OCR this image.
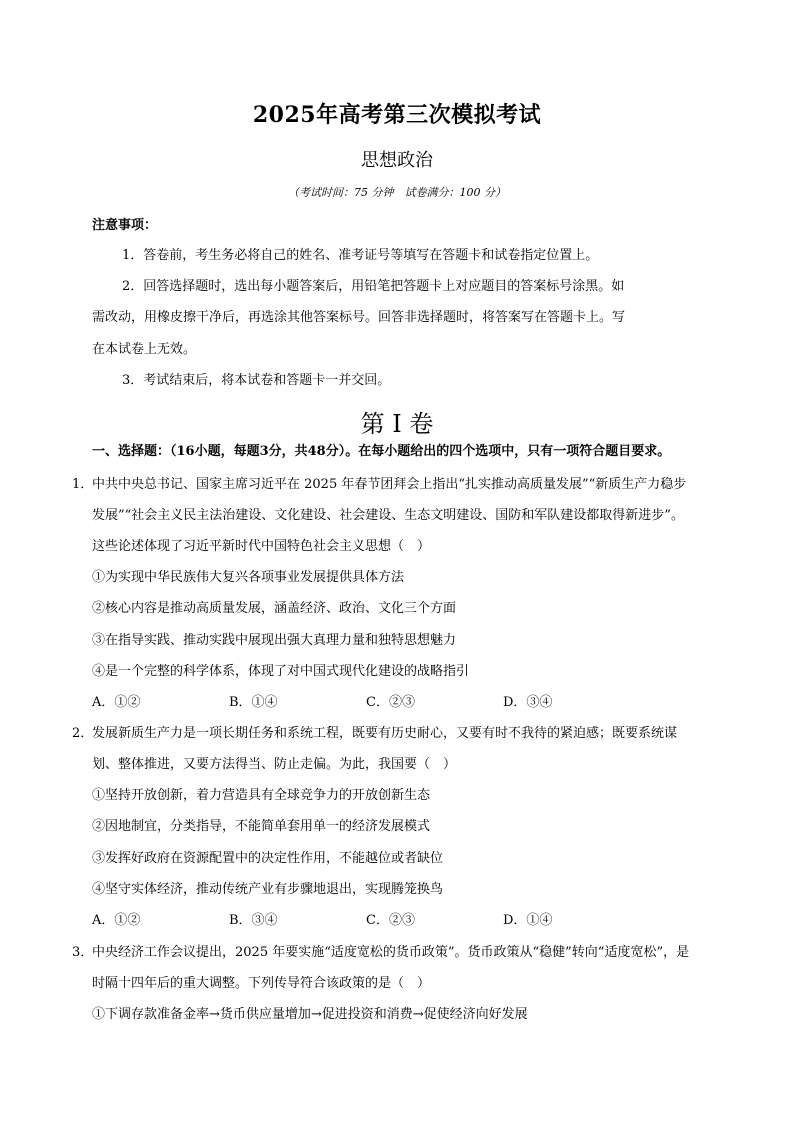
2025年高考第三次模拟考试
思想政治
（考试时间：75 分钟　试卷满分：100 分）
注意事项：
1．答卷前，考生务必将自己的姓名、准考证号等填写在答题卡和试卷指定位置上。
2．回答选择题时，选出每小题答案后，用铅笔把答题卡上对应题目的答案标号涂黑。如
需改动，用橡皮擦干净后，再选涂其他答案标号。回答非选择题时，将答案写在答题卡上。写
在本试卷上无效。
3．考试结束后，将本试卷和答题卡一并交回。
第 I 卷
一、选择题：（16小题，每题3分，共48分）。在每小题给出的四个选项中，只有一项符合题目要求。
1．
中共中央总书记、国家主席习近平在 2025 年春节团拜会上指出“扎实推动高质量发展”“新质生产力稳步
发展”“社会主义民主法治建设、文化建设、社会建设、生态文明建设、国防和军队建设都取得新进步”。
这些论述体现了习近平新时代中国特色社会主义思想（　）
①为实现中华民族伟大复兴各项事业发展提供具体方法
②核心内容是推动高质量发展，涵盖经济、政治、文化三个方面
③在指导实践、推动实践中展现出强大真理力量和独特思想魅力
④是一个完整的科学体系，体现了对中国式现代化建设的战略指引
A．①②	B．①④	C．②③	D．③④
2．
发展新质生产力是一项长期任务和系统工程，既要有历史耐心，又要有时不我待的紧迫感；既要系统谋
划、整体推进，又要方法得当、防止走偏。为此，我国要（　）
①坚持开放创新，着力营造具有全球竞争力的开放创新生态
②因地制宜，分类指导，不能简单套用单一的经济发展模式
③发挥好政府在资源配置中的决定性作用，不能越位或者缺位
④坚守实体经济，推动传统产业有步骤地退出，实现腾笼换鸟
A．①②	B．③④	C．②③	D．①④
3．
中央经济工作会议提出，2025 年要实施“适度宽松的货币政策”。货币政策从“稳健”转向“适度宽松”，是
时隔十四年后的重大调整。下列传导符合该政策的是（　）
①下调存款准备金率→货币供应量增加→促进投资和消费→促使经济向好发展
